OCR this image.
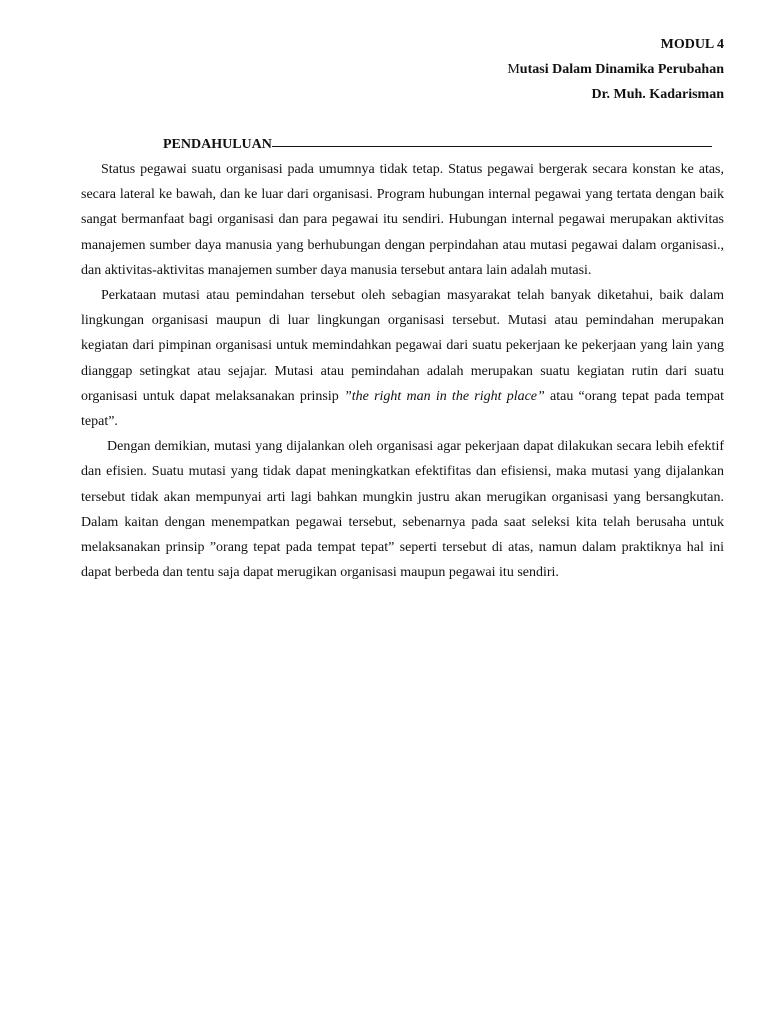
MODUL 4
Mutasi Dalam Dinamika Perubahan
Dr. Muh. Kadarisman
PENDAHULUAN

Status pegawai suatu organisasi pada umumnya tidak tetap. Status pegawai bergerak secara konstan ke atas, secara lateral ke bawah, dan ke luar dari organisasi. Program hubungan internal pegawai yang tertata dengan baik sangat bermanfaat bagi organisasi dan para pegawai itu sendiri. Hubungan internal pegawai merupakan aktivitas manajemen sumber daya manusia yang berhubungan dengan perpindahan atau mutasi pegawai dalam organisasi., dan aktivitas-aktivitas manajemen sumber daya manusia tersebut antara lain adalah mutasi.

Perkataan mutasi atau pemindahan tersebut oleh sebagian masyarakat telah banyak diketahui, baik dalam lingkungan organisasi maupun di luar lingkungan organisasi tersebut. Mutasi atau pemindahan merupakan kegiatan dari pimpinan organisasi untuk memindahkan pegawai dari suatu pekerjaan ke pekerjaan yang lain yang dianggap setingkat atau sejajar. Mutasi atau pemindahan adalah merupakan suatu kegiatan rutin dari suatu organisasi untuk dapat melaksanakan prinsip ”the right man in the right place” atau “orang tepat pada tempat tepat”.

Dengan demikian, mutasi yang dijalankan oleh organisasi agar pekerjaan dapat dilakukan secara lebih efektif dan efisien. Suatu mutasi yang tidak dapat meningkatkan efektifitas dan efisiensi, maka mutasi yang dijalankan tersebut tidak akan mempunyai arti lagi bahkan mungkin justru akan merugikan organisasi yang bersangkutan. Dalam kaitan dengan menempatkan pegawai tersebut, sebenarnya pada saat seleksi kita telah berusaha untuk melaksanakan prinsip ”orang tepat pada tempat tepat” seperti tersebut di atas, namun dalam praktiknya hal ini dapat berbeda dan tentu saja dapat merugikan organisasi maupun pegawai itu sendiri.
